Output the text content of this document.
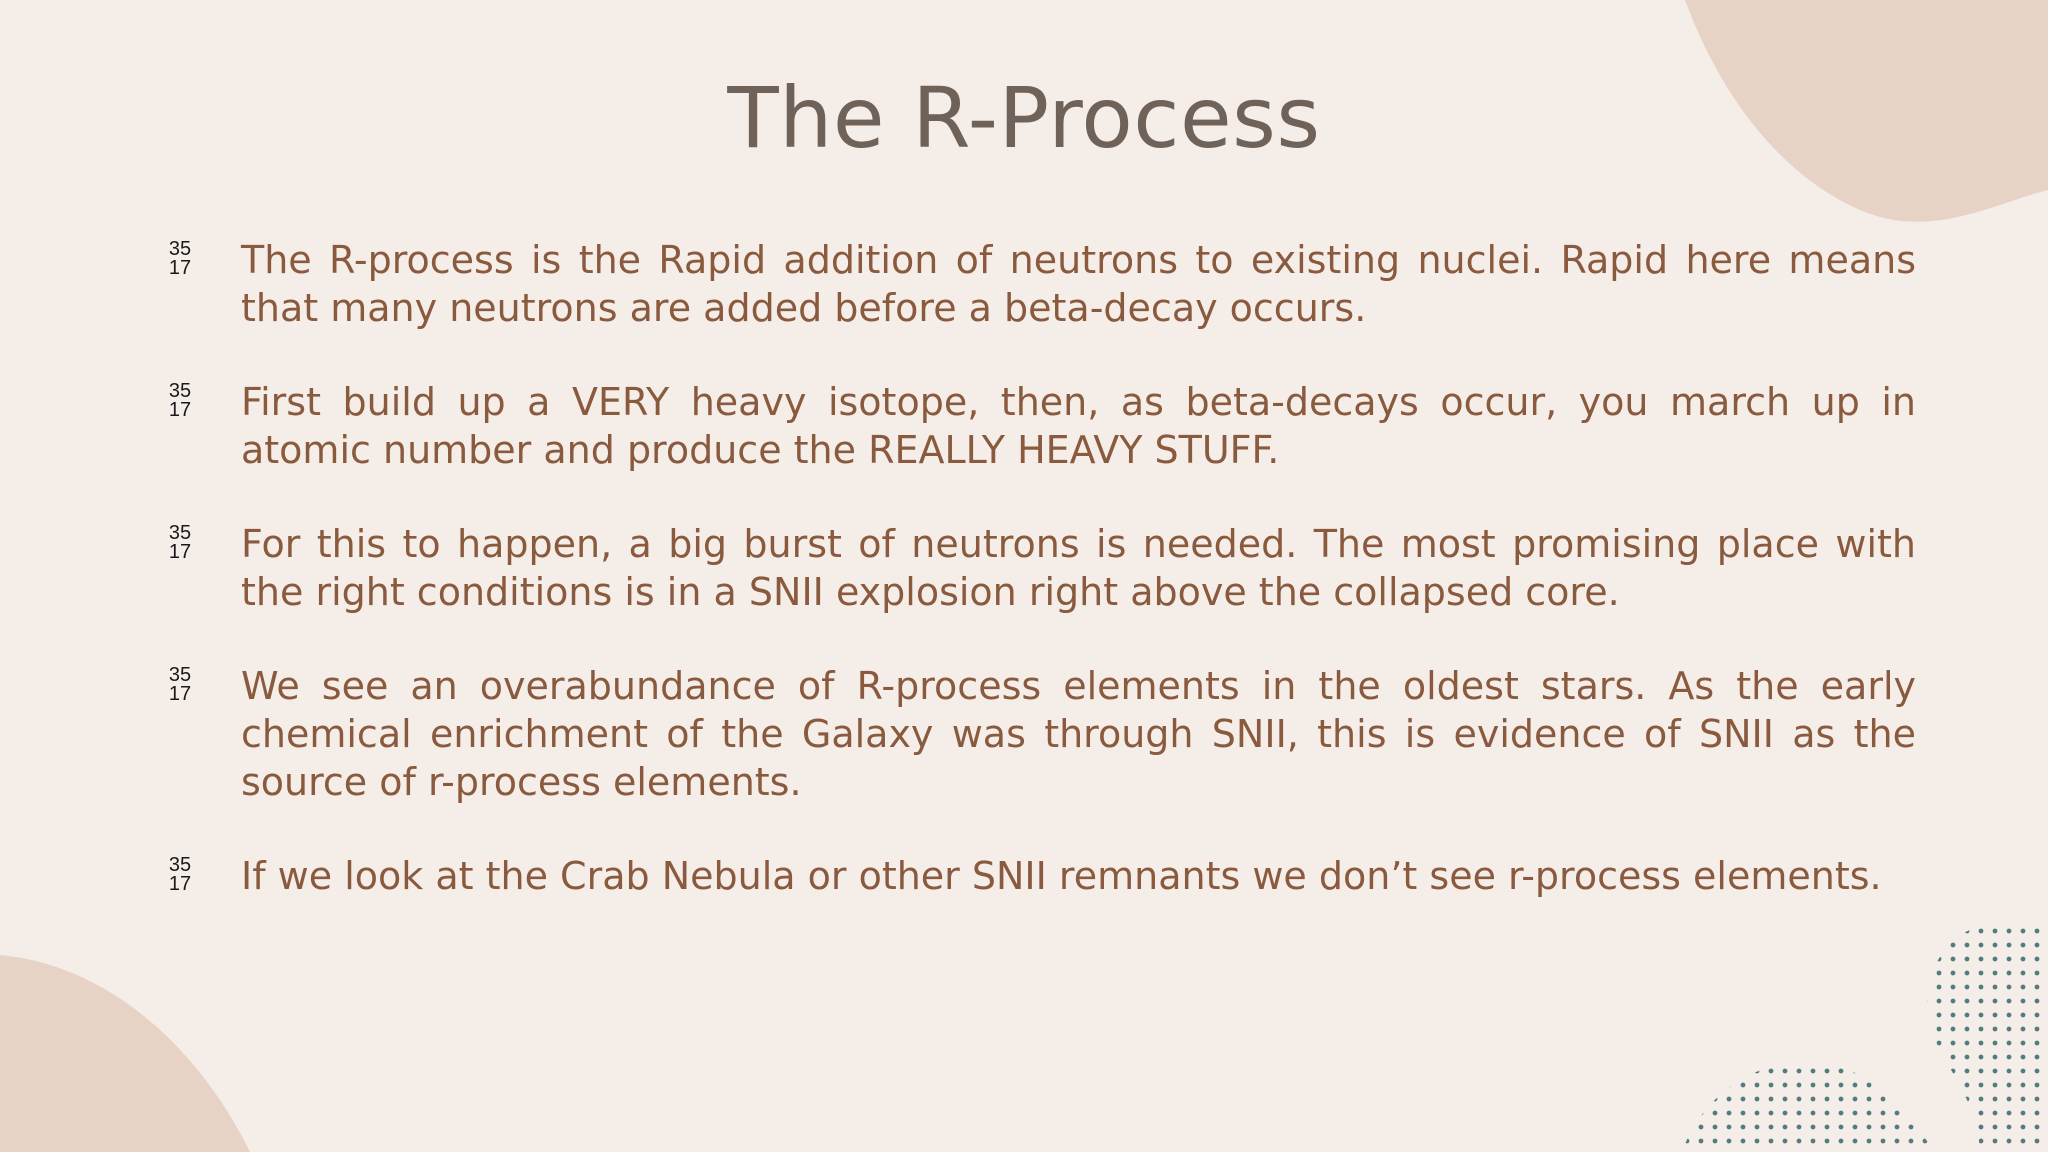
The R-Process
35
17 The R-process is the Rapid addition of neutrons to existing nuclei. Rapid here means that many neutrons are added before a beta-decay occurs.

35
17 First build up a VERY heavy isotope, then, as beta-decays occur, you march up in atomic number and produce the REALLY HEAVY STUFF.

35
17 For this to happen, a big burst of neutrons is needed. The most promising place with the right conditions is in a SNII explosion right above the collapsed core.

35
17 We see an overabundance of R-process elements in the oldest stars. As the early chemical enrichment of the Galaxy was through SNII, this is evidence of SNII as the source of r-process elements.

35
17 If we look at the Crab Nebula or other SNII remnants we don’t see r-process elements.
